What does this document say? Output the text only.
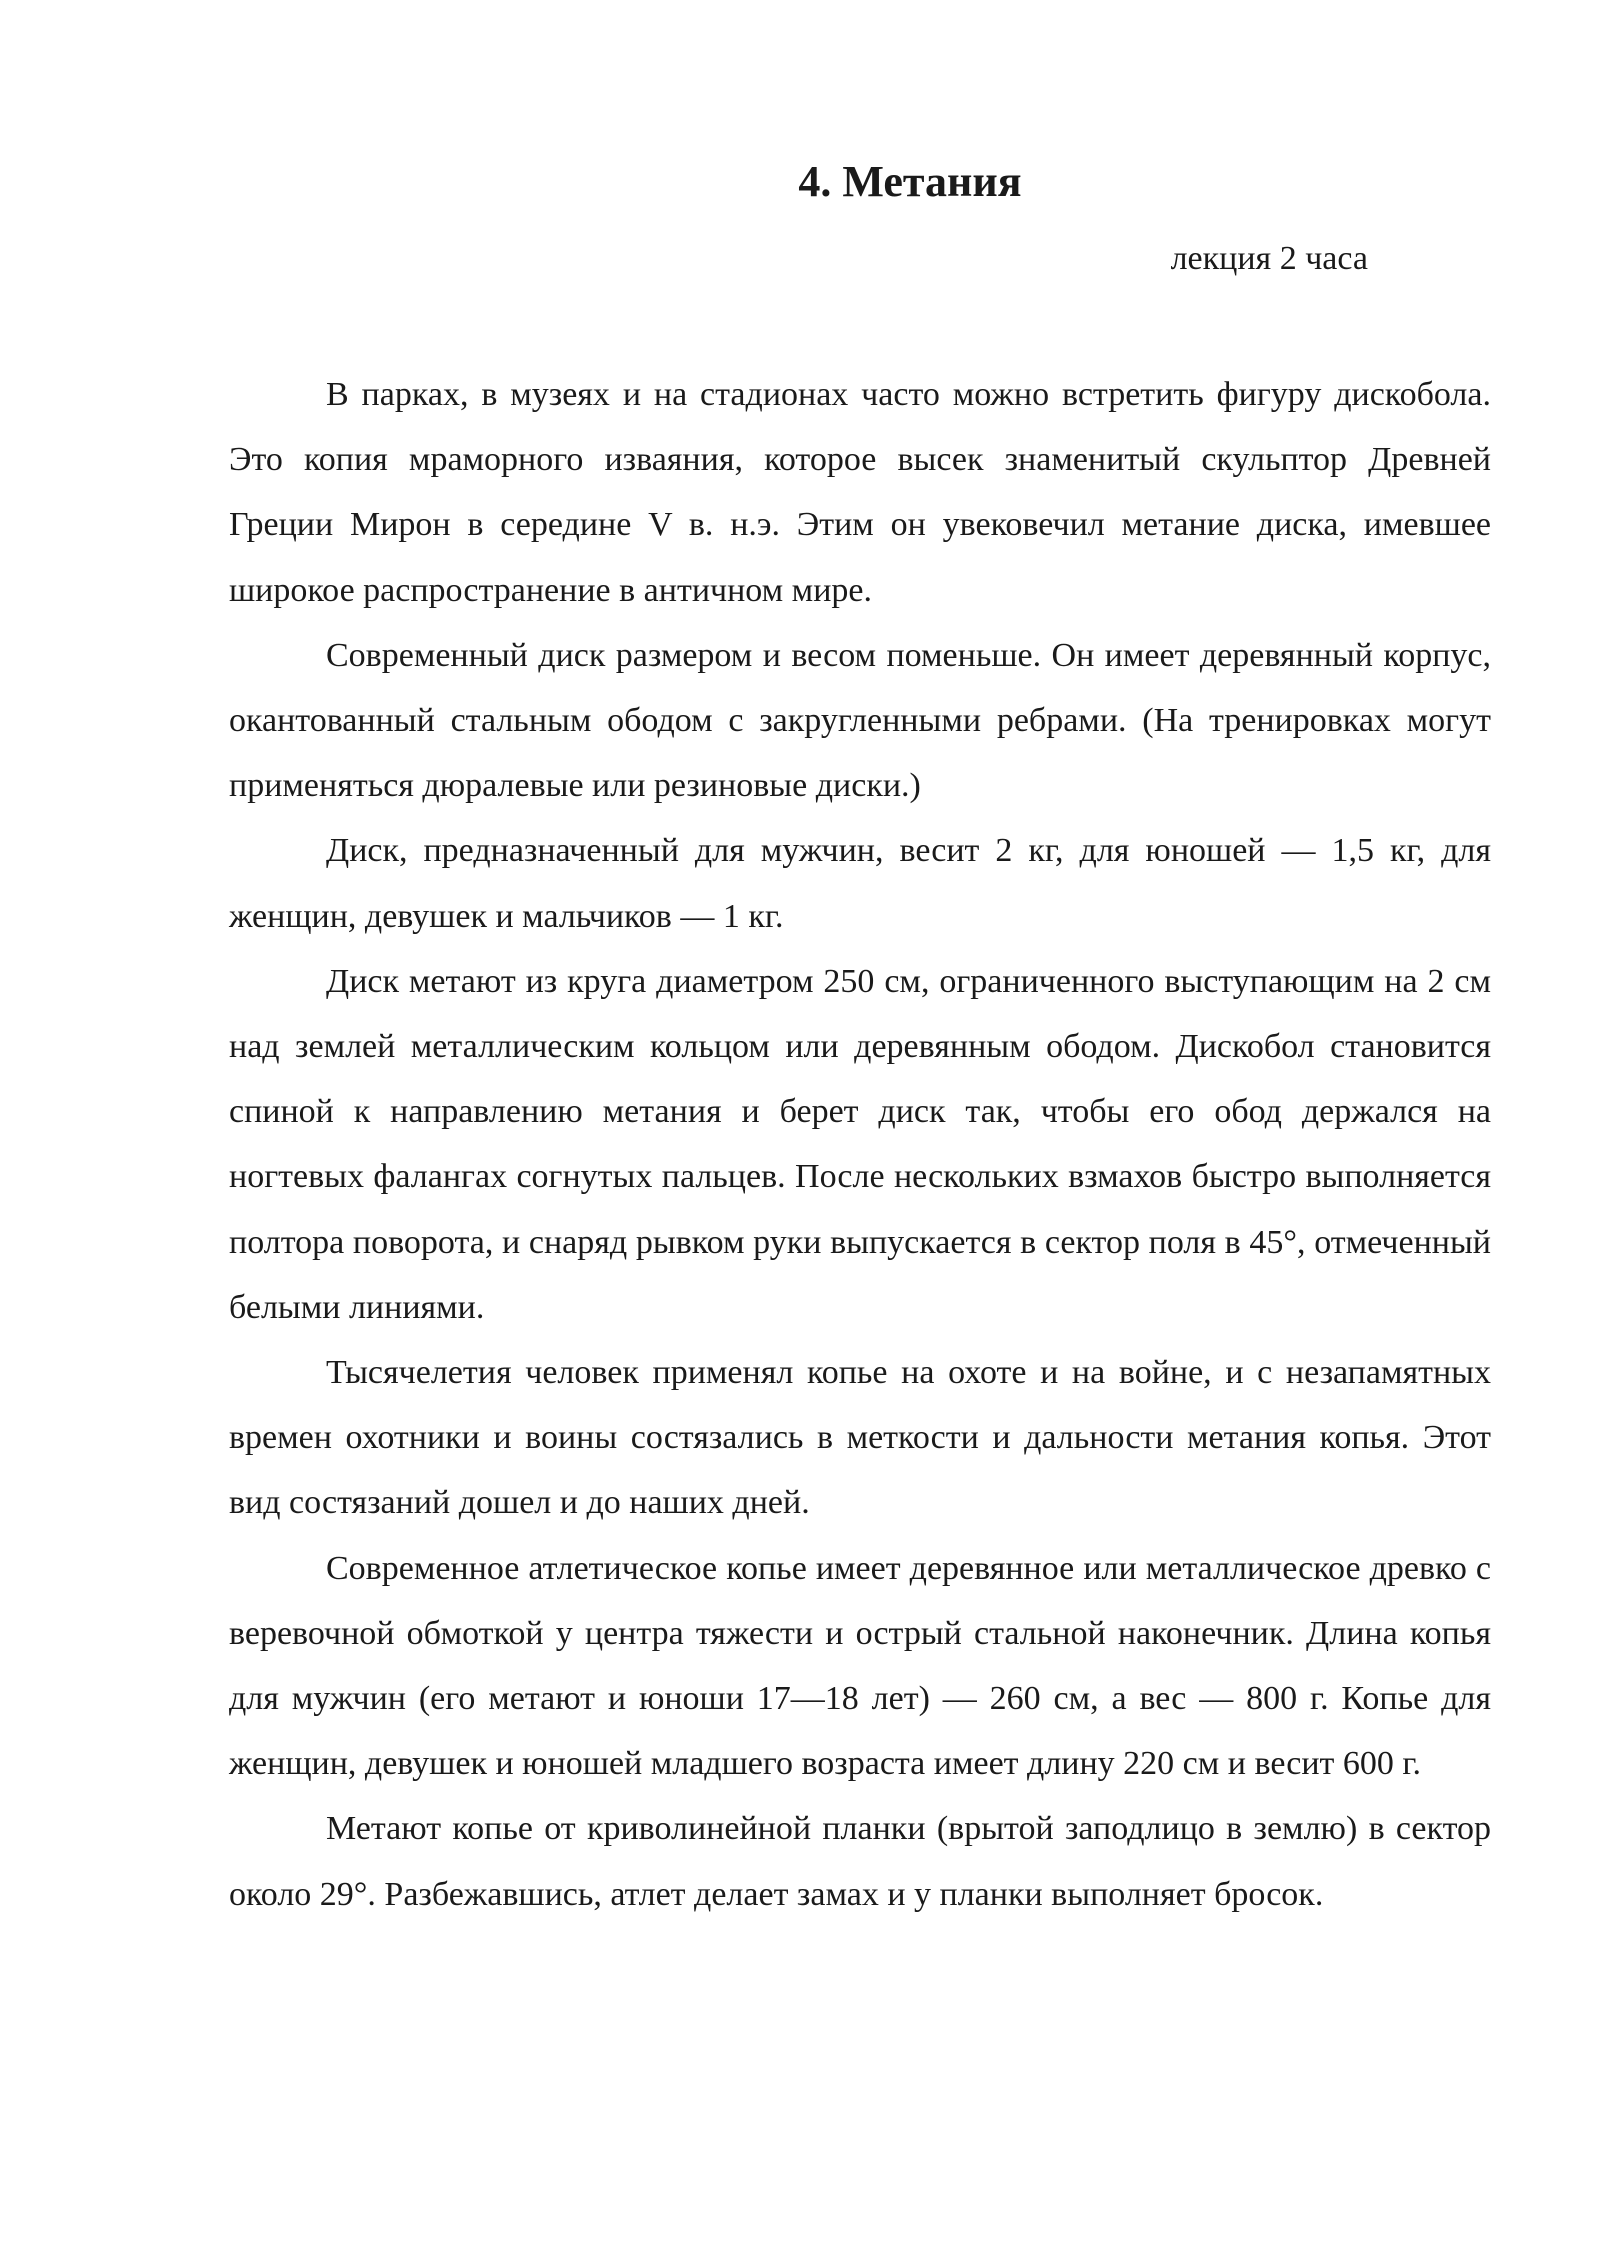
4. Метания
лекция 2 часа

В парках, в музеях и на стадионах часто можно встретить фигуру дискобола. Это копия мраморного изваяния, которое высек знаменитый скульптор Древней Греции Мирон в середине V в. н.э. Этим он увековечил метание диска, имевшее широкое распространение в античном мире.

Современный диск размером и весом поменьше. Он имеет деревянный корпус, окантованный стальным ободом с закругленными ребрами. (На тренировках могут применяться дюралевые или резиновые диски.)

Диск, предназначенный для мужчин, весит 2 кг, для юношей — 1,5 кг, для женщин, девушек и мальчиков — 1 кг.

Диск метают из круга диаметром 250 см, ограниченного выступающим на 2 см над землей металлическим кольцом или деревянным ободом. Дискобол становится спиной к направлению метания и берет диск так, чтобы его обод держался на ногтевых фалангах согнутых пальцев. После нескольких взмахов быстро выполняется полтора поворота, и снаряд рывком руки выпускается в сектор поля в 45°, отмеченный белыми линиями.

Тысячелетия человек применял копье на охоте и на войне, и с незапамятных времен охотники и воины состязались в меткости и дальности метания копья. Этот вид состязаний дошел и до наших дней.

Современное атлетическое копье имеет деревянное или металлическое древко с веревочной обмоткой у центра тяжести и острый стальной наконечник. Длина копья для мужчин (его метают и юноши 17—18 лет) — 260 см, а вес — 800 г. Копье для женщин, девушек и юношей младшего возраста имеет длину 220 см и весит 600 г.

Метают копье от криволинейной планки (врытой заподлицо в землю) в сектор около 29°. Разбежавшись, атлет делает замах и у планки выполняет бросок.
